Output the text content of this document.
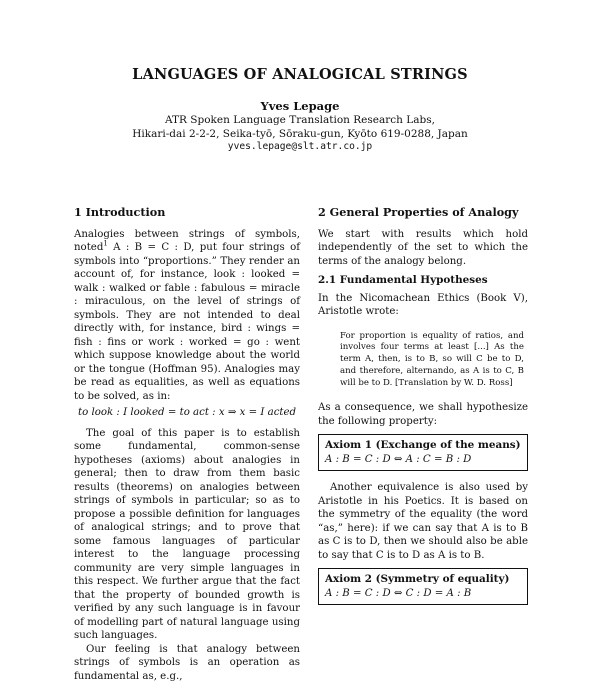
LANGUAGES OF ANALOGICAL STRINGS
Yves Lepage
ATR Spoken Language Translation Research Labs,
Hikari-dai 2-2-2, Seika-tyō, Sōraku-gun, Kyōto 619-0288, Japan
yves.lepage@slt.atr.co.jp
1 Introduction

Analogies between strings of symbols, noted$^1$ A : B = C : D, put four strings of symbols into “proportions.” They render an account of, for instance, look : looked = walk : walked or fable : fabulous = miracle : miraculous, on the level of strings of symbols. They are not intended to deal directly with, for instance, bird : wings = fish : fins or work : worked = go : went which suppose knowledge about the world or the tongue (Hoffman 95). Analogies may be read as equalities, as well as equations to be solved, as in:

to look : I looked = to act : x ⇒ x = I acted

The goal of this paper is to establish some fundamental, common-sense hypotheses (axioms) about analogies in general; then to draw from them basic results (theorems) on analogies between strings of symbols in particular; so as to propose a possible definition for languages of analogical strings; and to prove that some famous languages of particular interest to the language processing community are very simple languages in this respect. We further argue that the fact that the property of bounded growth is verified by any such language is in favour of modelling part of natural language using such languages.

Our feeling is that analogy between strings of symbols is an operation as fundamental as, e.g.,

2 General Properties of Analogy

We start with results which hold independently of the set to which the terms of the analogy belong.

2.1 Fundamental Hypotheses

In the Nicomachean Ethics (Book V), Aristotle wrote:

For proportion is equality of ratios, and involves four terms at least [...] As the term A, then, is to B, so will C be to D, and therefore, alternando, as A is to C, B will be to D. [Translation by W. D. Ross]

As a consequence, we shall hypothesize the following property:

Axiom 1 (Exchange of the means)
A : B = C : D ⇔ A : C = B : D

Another equivalence is also used by Aristotle in his Poetics. It is based on the symmetry of the equality (the word “as,” here): if we can say that A is to B as C is to D, then we should also be able to say that C is to D as A is to B.

Axiom 2 (Symmetry of equality)
A : B = C : D ⇔ C : D = A : B
